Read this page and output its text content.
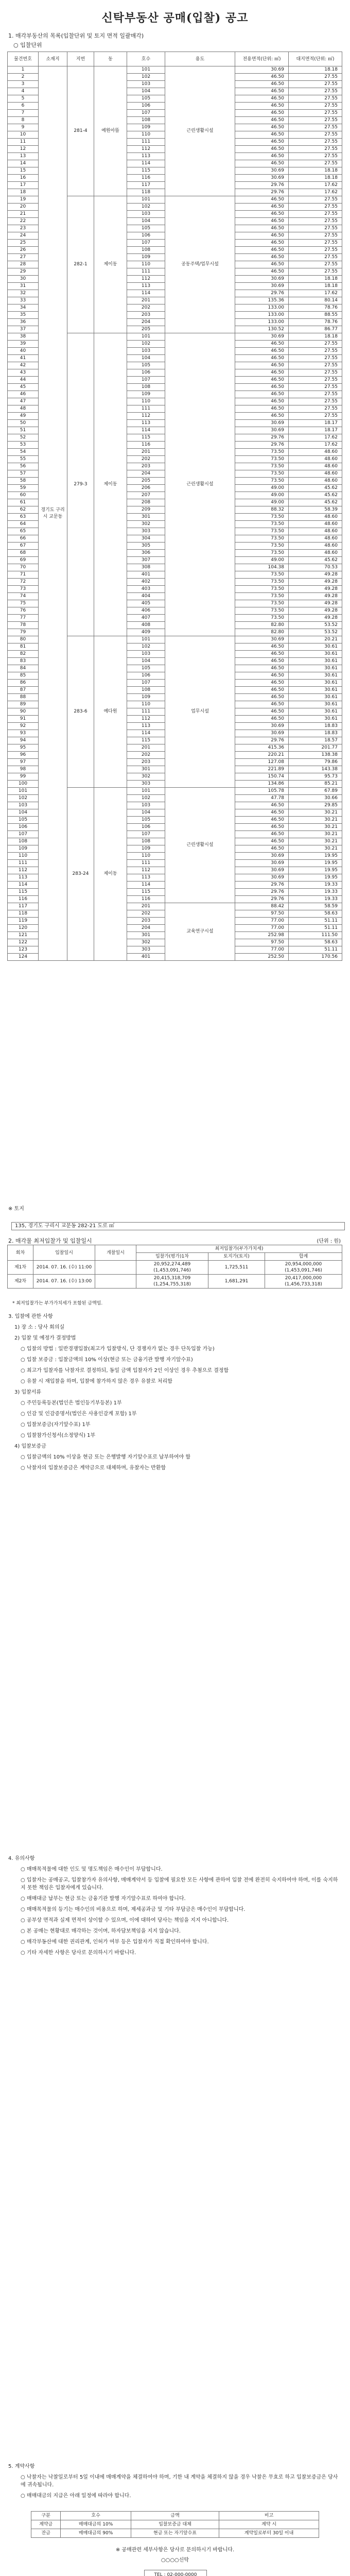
신탁부동산 공매(입찰) 공고
1. 매각부동산의 목록(입찰단위 및 토지 면적 일괄매각)
○ 입찰단위
물건번호	소재지	지번	동	호수	용도	전용면적(단위: ㎡)	대지면적(단위: ㎡)
1	경기도 구리시 교문동	281-4	예원아뜰	101	근린생활시설	30.69	18.18
2				102		46.50	27.55
3				103		46.50	27.55
4				104		46.50	27.55
5				105		46.50	27.55
6				106		46.50	27.55
7				107		46.50	27.55
8				108		46.50	27.55
9				109		46.50	27.55
10				110		46.50	27.55
11				111		46.50	27.55
12				112		46.50	27.55
13				113		46.50	27.55
14				114		46.50	27.55
15				115		30.69	18.18
16				116		30.69	18.18
17				117		29.76	17.62
18				118		29.76	17.62
19		282-1	제이동	101	공동주택/업무시설	46.50	27.55
20				102		46.50	27.55
21				103		46.50	27.55
22				104		46.50	27.55
23				105		46.50	27.55
24				106		46.50	27.55
25				107		46.50	27.55
26				108		46.50	27.55
27				109		46.50	27.55
28				110		46.50	27.55
29				111		46.50	27.55
30				112		30.69	18.18
31				113		30.69	18.18
32				114		29.76	17.62
33				201		135.36	80.14
34				202		133.00	78.76
35				203		133.00	88.55
36				204		133.00	78.76
37				205		130.52	86.77
38		279-3	제이동	101	근린생활시설	30.69	18.18
39				102		46.50	27.55
40				103		46.50	27.55
41				104		46.50	27.55
42				105		46.50	27.55
43				106		46.50	27.55
44				107		46.50	27.55
45				108		46.50	27.55
46				109		46.50	27.55
47				110		46.50	27.55
48				111		46.50	27.55
49				112		46.50	27.55
50				113		30.69	18.17
51				114		30.69	18.17
52				115		29.76	17.62
53				116		29.76	17.62
54				201		73.50	48.60
55				202		73.50	48.60
56				203		73.50	48.60
57				204		73.50	48.60
58				205		73.50	48.60
59				206		49.00	45.62
60				207		49.00	45.62
61				208		49.00	45.62
62				209		88.32	58.39
63				301		73.50	48.60
64				302		73.50	48.60
65				303		73.50	48.60
66				304		73.50	48.60
67				305		73.50	48.60
68				306		73.50	48.60
69				307		49.00	45.62
70				308		104.38	70.53
71				401		73.50	49.28
72				402		73.50	49.28
73				403		73.50	49.28
74				404		73.50	49.28
75				405		73.50	49.28
76				406		73.50	49.28
77				407		73.50	49.28
78				408		82.80	53.52
79				409		82.80	53.52
80		283-6	예다원	101	업무시설	30.69	20.21
81				102		46.50	30.61
82				103		46.50	30.61
83				104		46.50	30.61
84				105		46.50	30.61
85				106		46.50	30.61
86				107		46.50	30.61
87				108		46.50	30.61
88				109		46.50	30.61
89				110		46.50	30.61
90				111		46.50	30.61
91				112		46.50	30.61
92				113		30.69	18.83
93				114		30.69	18.83
94				115		29.76	18.57
95				201		415.36	201.77
96				202		220.21	138.38
97				203		127.08	79.86
98				301		221.89	143.38
99				302		150.74	95.73
100				303		134.86	85.21
101		283-24	제이동	101	근린생활시설	105.78	67.89
102				102		47.78	30.66
103				103		46.50	29.85
104				104		46.50	30.21
105				105		46.50	30.21
106				106		46.50	30.21
107				107		46.50	30.21
108				108		46.50	30.21
109				109		46.50	30.21
110				110		30.69	19.95
111				111		30.69	19.95
112				112		30.69	19.95
113				113		30.69	19.95
114				114		29.76	19.33
115				115		29.76	19.33
116				116		29.76	19.33
117				201	교육연구시설	88.42	58.59
118				202		97.50	58.63
119				203		77.00	51.11
120				204		77.00	51.11
121				301		252.98	111.50
122				302		97.50	58.63
123				303		77.00	51.11
124				401		252.50	170.56
※ 토지
135, 경기도 구리시 교문동 282-21 도로 ㎡
2. 매각물 최저입찰가 및 입찰일시	(단위 : 원)
회차	입찰일시	개찰일시	최저입찰가(부가가치세)		
			입찰가(평가)1차	토지가(토지)	합계
제1차	2014. 07. 16. (수) 11:00		20,952,274,489 (1,453,091,746)	1,725,511	20,954,000,000 (1,453,091,746)
제2차	2014. 07. 16. (수) 13:00		20,415,318,709 (1,254,755,318)	1,681,291	20,417,000,000 (1,456,733,318)
* 최저입찰가는 부가가치세가 포함된 금액임.

3. 입찰에 관한 사항

1) 장 소 : 당사 회의실

2) 입찰 및 예정가 결정방법

○ 입찰의 방법 : 일반경쟁입찰(최고가 입찰방식, 단 경쟁자가 없는 경우 단독입찰 가능)

○ 입찰 보증금 : 입찰금액의 10% 이상(현금 또는 금융기관 발행 자기앞수표)

○ 최고가 입찰자를 낙찰자로 결정하되, 동일 금액 입찰자가 2인 이상인 경우 추첨으로 결정함

○ 유찰 시 재입찰을 하며, 입찰에 참가하지 않은 경우 유찰로 처리함

3) 입찰서류

○ 주민등록등본(법인은 법인등기부등본) 1부

○ 인감 및 인감증명서(법인은 사용인감계 포함) 1부

○ 입찰보증금(자기앞수표) 1부

○ 입찰참가신청서(소정양식) 1부

4) 입찰보증금

○ 입찰금액의 10% 이상을 현금 또는 은행발행 자기앞수표로 납부하여야 함

○ 낙찰자의 입찰보증금은 계약금으로 대체하며, 유찰자는 반환함

4. 유의사항

○ 매매목적물에 대한 인도 및 명도책임은 매수인이 부담합니다.

○ 입찰자는 공매공고, 입찰참가자 유의사항, 매매계약서 등 입찰에 필요한 모든 사항에 관하여 입찰 전에 완전히 숙지하여야 하며, 이를 숙지하지 못한 책임은 입찰자에게 있습니다.

○ 매매대금 납부는 현금 또는 금융기관 발행 자기앞수표로 하여야 합니다.

○ 매매목적물의 등기는 매수인의 비용으로 하며, 제세공과금 및 기타 부담금은 매수인이 부담합니다.

○ 공부상 면적과 실제 면적이 상이할 수 있으며, 이에 대하여 당사는 책임을 지지 아니합니다.

○ 본 공매는 현황대로 매각하는 것이며, 하자담보책임을 지지 않습니다.

○ 매각부동산에 대한 권리관계, 인허가 여부 등은 입찰자가 직접 확인하여야 합니다.

○ 기타 자세한 사항은 당사로 문의하시기 바랍니다.

5. 계약사항

○ 낙찰자는 낙찰일로부터 5일 이내에 매매계약을 체결하여야 하며, 기한 내 계약을 체결하지 않을 경우 낙찰은 무효로 하고 입찰보증금은 당사에 귀속됩니다.

○ 매매대금의 지급은 아래 일정에 따라야 합니다.

구분	호수	금액	비고
계약금	매매대금의 10%	입찰보증금 대체	계약 시
잔금	매매대금의 90%	현금 또는 자기앞수표	계약일로부터 30일 이내
※ 공매관련 세부사항은 당사로 문의하시기 바랍니다.
○○○○신탁
TEL : 02-000-0000
